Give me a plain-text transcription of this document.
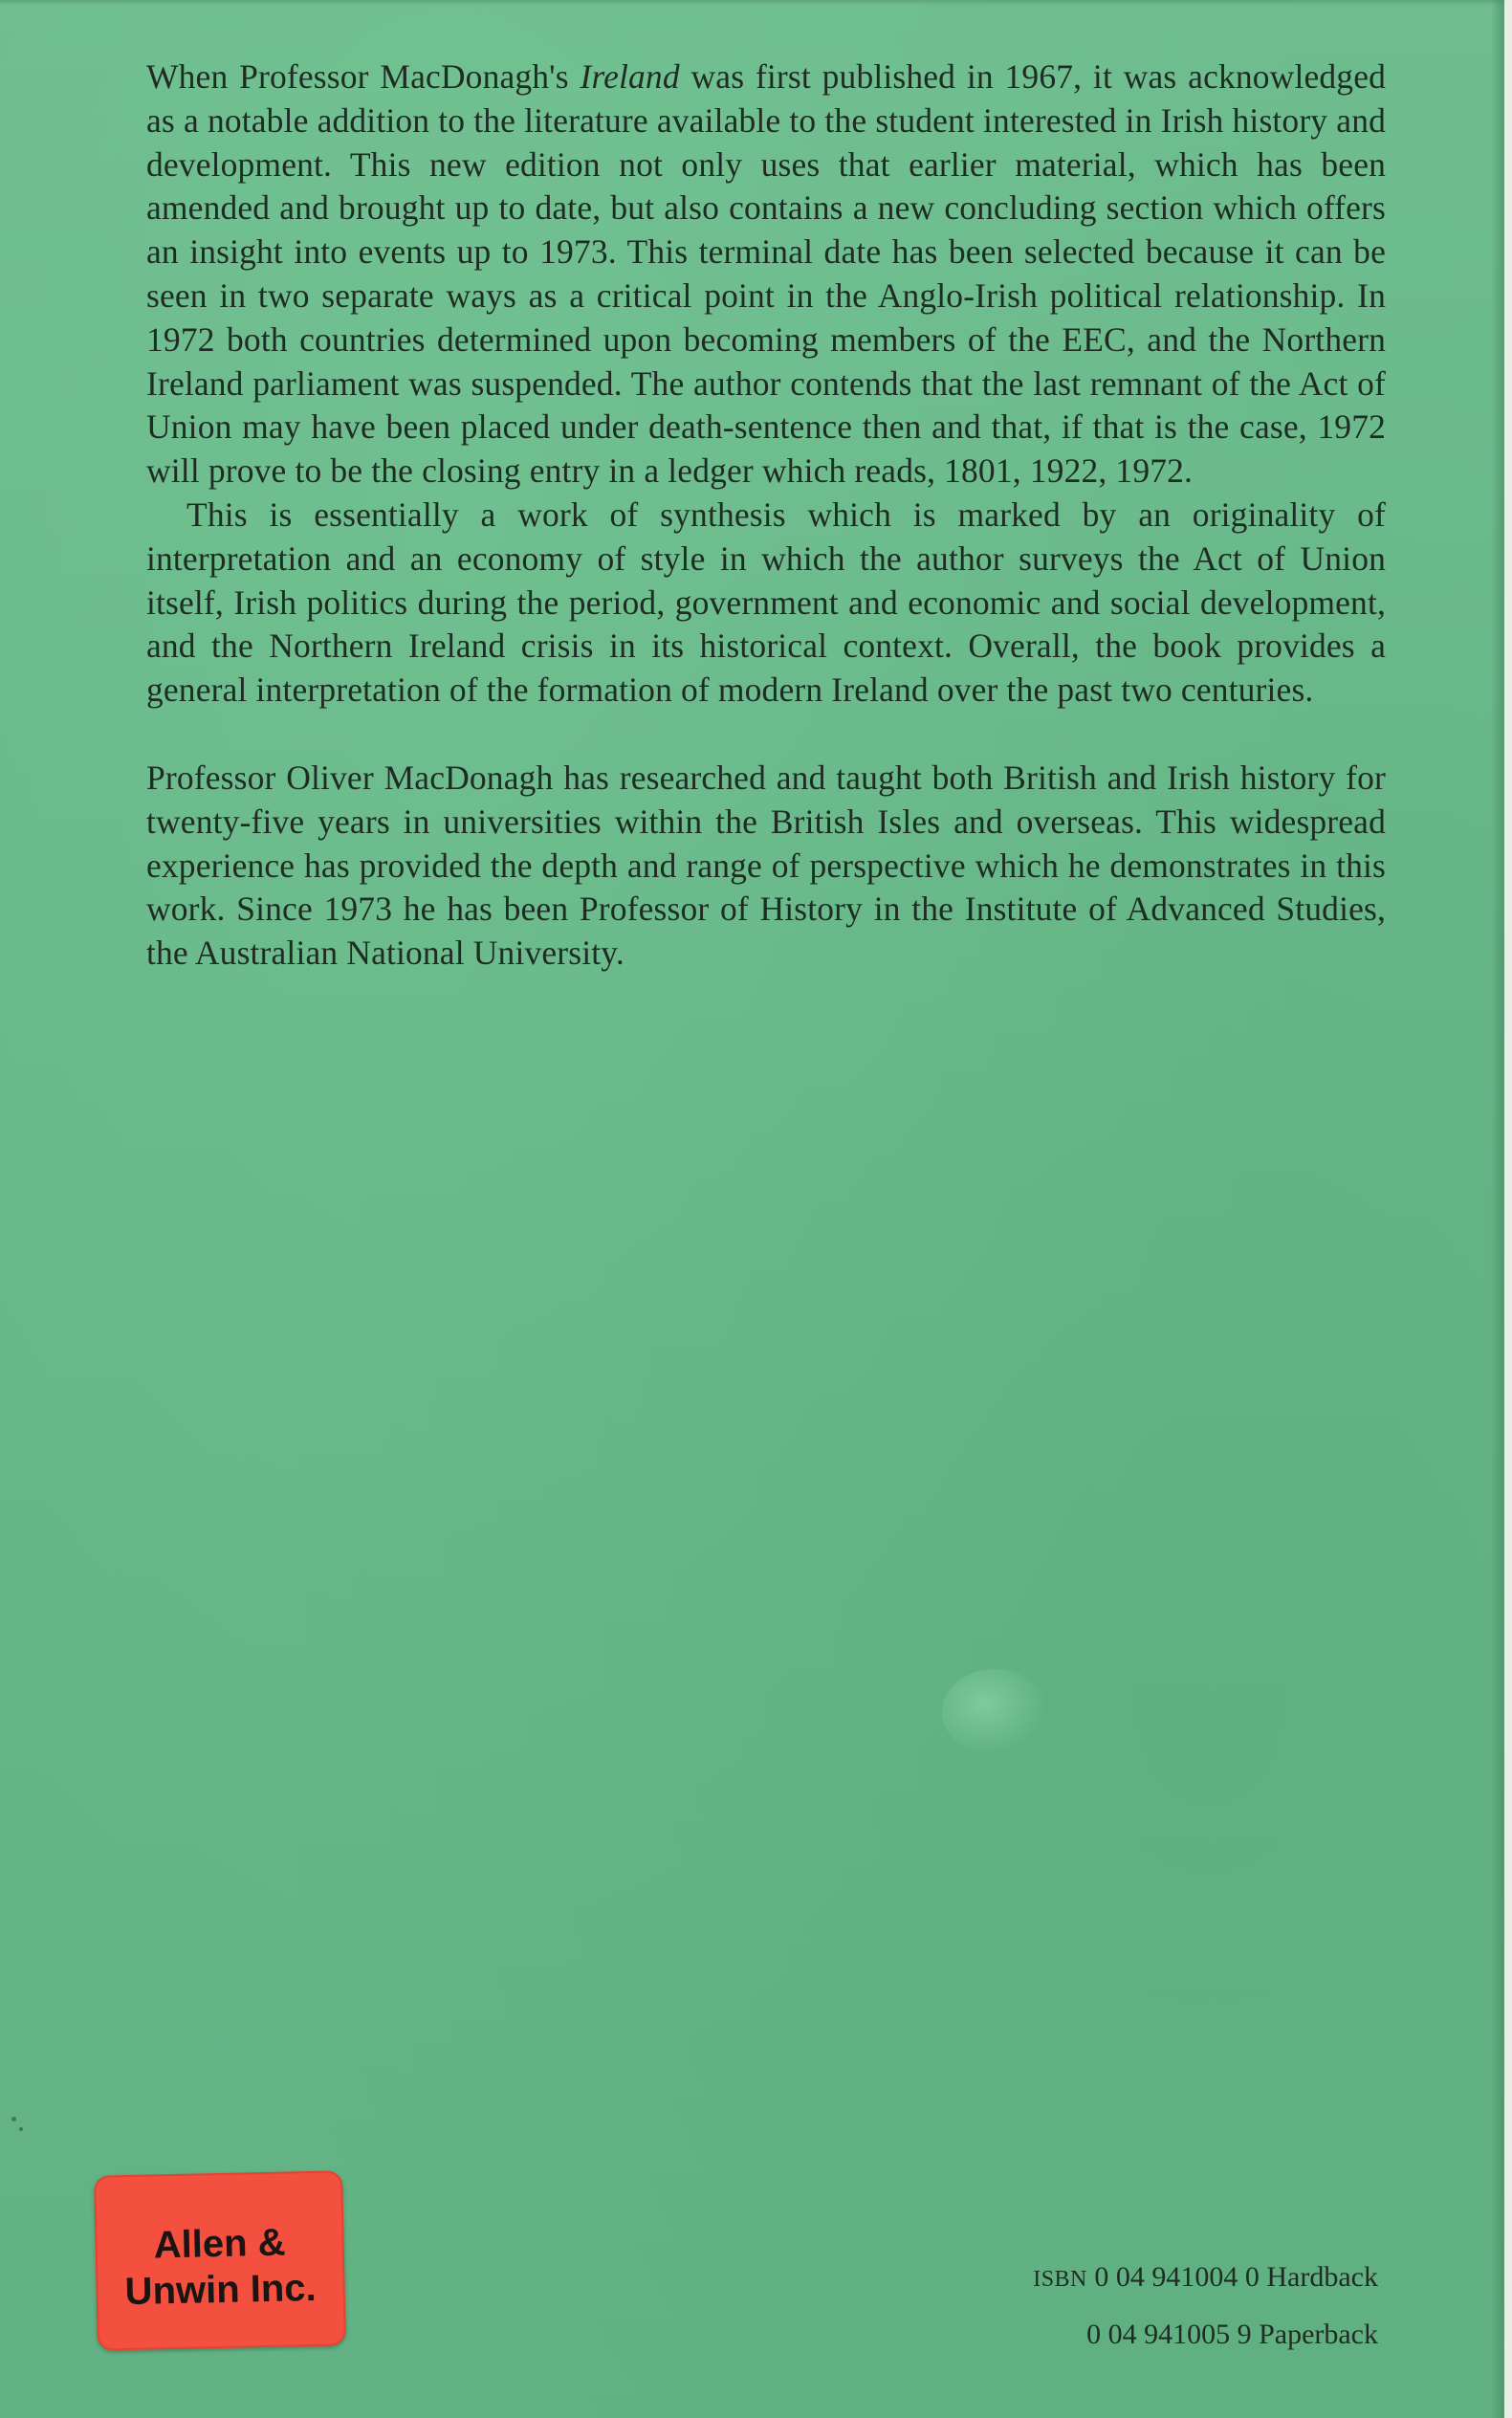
When Professor MacDonagh's Ireland was first published in 1967, it was acknowledged as a notable addition to the literature available to the student interested in Irish history and development. This new edition not only uses that earlier material, which has been amended and brought up to date, but also contains a new concluding section which offers an insight into events up to 1973. This terminal date has been selected because it can be seen in two separate ways as a critical point in the Anglo-Irish political relationship. In 1972 both countries determined upon becoming members of the EEC, and the Northern Ireland parliament was suspended. The author contends that the last remnant of the Act of Union may have been placed under death-sentence then and that, if that is the case, 1972 will prove to be the closing entry in a ledger which reads, 1801, 1922, 1972.

This is essentially a work of synthesis which is marked by an originality of interpretation and an economy of style in which the author surveys the Act of Union itself, Irish politics during the period, government and economic and social development, and the Northern Ireland crisis in its historical context. Overall, the book provides a general interpretation of the formation of modern Ireland over the past two centuries.

Professor Oliver MacDonagh has researched and taught both British and Irish history for twenty-five years in universities within the British Isles and overseas. This widespread experience has provided the depth and range of perspective which he demonstrates in this work. Since 1973 he has been Professor of History in the Institute of Advanced Studies, the Australian National University.

Allen &
Unwin Inc.	ISBN 0 04 941004 0 Hardback
0 04 941005 9 Paperback
